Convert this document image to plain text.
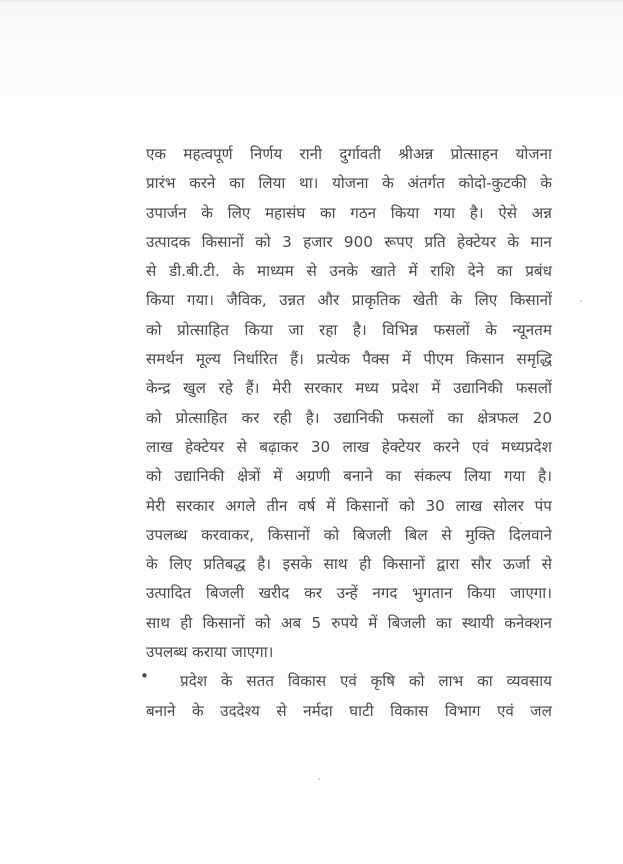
एक महत्वपूर्ण निर्णय रानी दुर्गावती श्रीअन्न प्रोत्साहन योजना
प्रारंभ करने का लिया था। योजना के अंतर्गत कोदो-कुटकी के
उपार्जन के लिए महासंघ का गठन किया गया है। ऐसे अन्न
उत्पादक किसानों को 3 हजार 900 रूपए प्रति हेक्टेयर के मान
से डी.बी.टी. के माध्यम से उनके खाते में राशि देने का प्रबंध
किया गया। जैविक, उन्नत और प्राकृतिक खेती के लिए किसानों
को प्रोत्साहित किया जा रहा है। विभिन्न फसलों के न्यूनतम
समर्थन मूल्य निर्धारित हैं। प्रत्येक पैक्स में पीएम किसान समृद्धि
केन्द्र खुल रहे हैं। मेरी सरकार मध्य प्रदेश में उद्यानिकी फसलों
को प्रोत्साहित कर रही है। उद्यानिकी फसलों का क्षेत्रफल 20
लाख हेक्टेयर से बढ़ाकर 30 लाख हेक्टेयर करने एवं मध्यप्रदेश
को उद्यानिकी क्षेत्रों में अग्रणी बनाने का संकल्प लिया गया है।
मेरी सरकार अगले तीन वर्ष में किसानों को 30 लाख सोलर पंप
उपलब्ध करवाकर, किसानों को बिजली बिल से मुक्ति दिलवाने
के लिए प्रतिबद्ध है। इसके साथ ही किसानों द्वारा सौर ऊर्जा से
उत्पादित बिजली खरीद कर उन्हें नगद भुगतान किया जाएगा।
साथ ही किसानों को अब 5 रुपये में बिजली का स्थायी कनेक्शन
उपलब्ध कराया जाएगा।
• प्रदेश के सतत विकास एवं कृषि को लाभ का व्यवसाय
बनाने के उददेश्य से नर्मदा घाटी विकास विभाग एवं जल
